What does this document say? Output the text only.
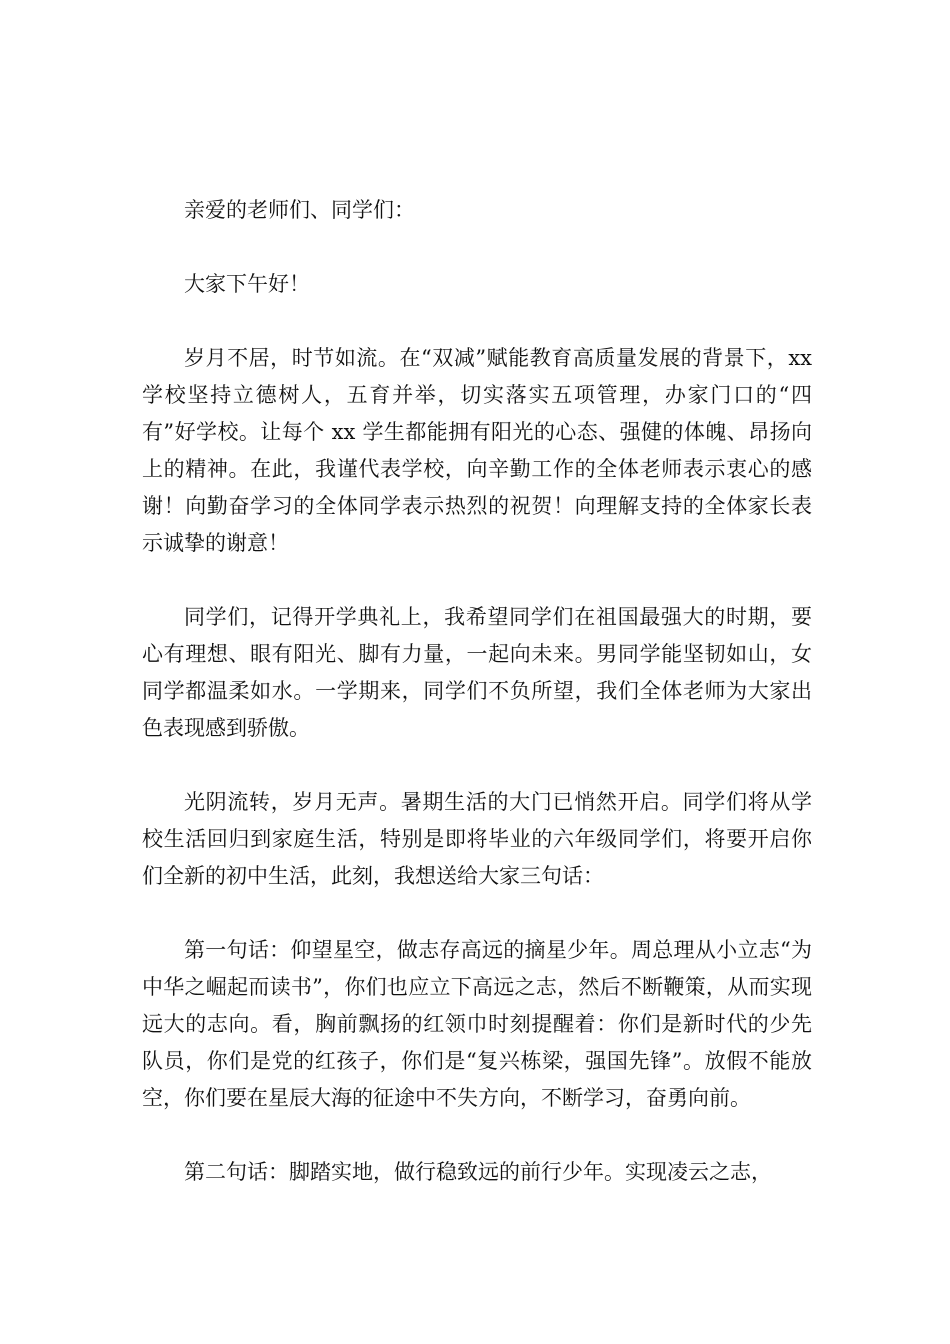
亲爱的老师们、同学们：

大家下午好！

岁月不居，时节如流。在“双减”赋能教育高质量发展的背景下，xx 学校坚持立德树人，五育并举，切实落实五项管理，办家门口的“四有”好学校。让每个 xx 学生都能拥有阳光的心态、强健的体魄、昂扬向上的精神。在此，我谨代表学校，向辛勤工作的全体老师表示衷心的感谢！向勤奋学习的全体同学表示热烈的祝贺！向理解支持的全体家长表示诚挚的谢意！

同学们，记得开学典礼上，我希望同学们在祖国最强大的时期，要心有理想、眼有阳光、脚有力量，一起向未来。男同学能坚韧如山，女同学都温柔如水。一学期来，同学们不负所望，我们全体老师为大家出色表现感到骄傲。

光阴流转，岁月无声。暑期生活的大门已悄然开启。同学们将从学校生活回归到家庭生活，特别是即将毕业的六年级同学们，将要开启你们全新的初中生活，此刻，我想送给大家三句话：

第一句话：仰望星空，做志存高远的摘星少年。周总理从小立志“为中华之崛起而读书”，你们也应立下高远之志，然后不断鞭策，从而实现远大的志向。看，胸前飘扬的红领巾时刻提醒着：你们是新时代的少先队员，你们是党的红孩子，你们是“复兴栋梁，强国先锋”。放假不能放空，你们要在星辰大海的征途中不失方向，不断学习，奋勇向前。

第二句话：脚踏实地，做行稳致远的前行少年。实现凌云之志，
